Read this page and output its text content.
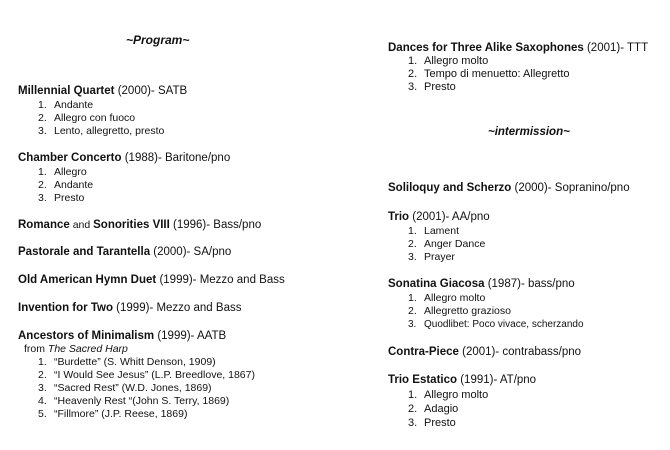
~Program~
Millennial Quartet (2000)- SATB
1. Andante
2. Allegro con fuoco
3. Lento, allegretto, presto
Chamber Concerto (1988)- Baritone/pno
1. Allegro
2. Andante
3. Presto
Romance and Sonorities VIII (1996)- Bass/pno
Pastorale and Tarantella (2000)- SA/pno
Old American Hymn Duet (1999)- Mezzo and Bass
Invention for Two (1999)- Mezzo and Bass
Ancestors of Minimalism (1999)- AATB
from The Sacred Harp
1. “Burdette” (S. Whitt Denson, 1909)
2. “I Would See Jesus” (L.P. Breedlove, 1867)
3. “Sacred Rest” (W.D. Jones, 1869)
4. “Heavenly Rest “(John S. Terry, 1869)
5. “Fillmore” (J.P. Reese, 1869)
Dances for Three Alike Saxophones (2001)- TTT
1. Allegro molto
2. Tempo di menuetto: Allegretto
3. Presto
~intermission~
Soliloquy and Scherzo (2000)- Sopranino/pno
Trio (2001)- AA/pno
1. Lament
2. Anger Dance
3. Prayer
Sonatina Giacosa (1987)- bass/pno
1. Allegro molto
2. Allegretto grazioso
3. Quodlibet: Poco vivace, scherzando
Contra-Piece (2001)- contrabass/pno
Trio Estatico (1991)- AT/pno
1. Allegro molto
2. Adagio
3. Presto
